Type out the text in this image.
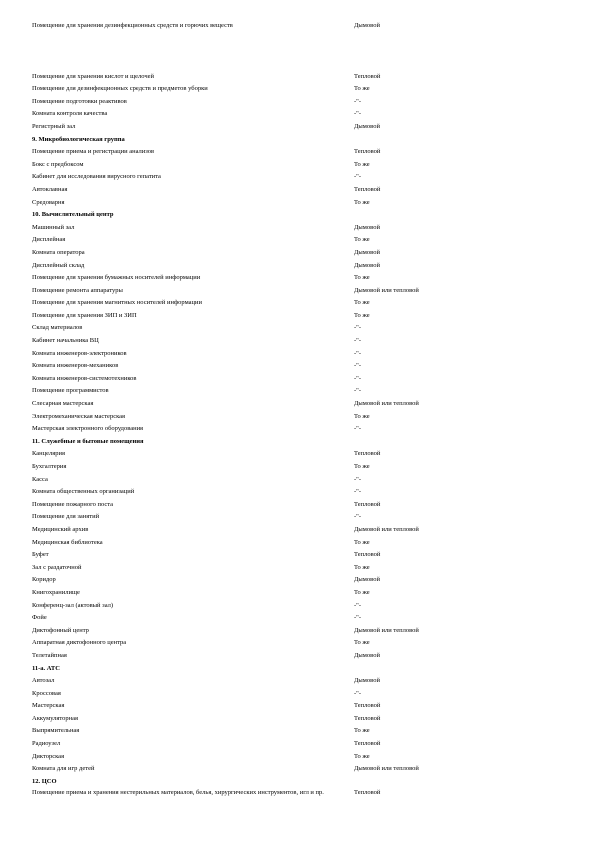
Помещение для хранения дезинфекционных средств и горючих веществ	Дымовой
Помещение для хранения кислот и щелочей	Тепловой
Помещение для дезинфекционных средств и предметов уборки	То же
Помещение подготовки реактивов	-"-
Комната контроля качества	-"-
Регистрный зал	Дымовой
9. Микробиологическая группа
Помещение приема и регистрации анализов	Тепловой
Бокс с предбоксом	То же
Кабинет для исследования вирусного гепатита	-"-
Автоклавная	Тепловой
Средоварня	То же
10. Вычислительный центр
Машинный зал	Дымовой
Дисплейная	То же
Комната оператора	Дымовой
Дисплейный склад	Дымовой
Помещение для хранения бумажных носителей информации	То же
Помещение ремонта аппаратуры	Дымовой или тепловой
Помещение для хранения магнитных носителей информации	То же
Помещение для хранения ЗИП и ЗИП	То же
Склад материалов	-"-
Кабинет начальника ВЦ	-"-
Комната инженеров-электроников	-"-
Комната инженеров-механиков	-"-
Комната инженеров-системотехников	-"-
Помещение программистов	-"-
Слесарная мастерская	Дымовой или тепловой
Электромеханическая мастерская	То же
Мастерская электронного оборудования	-"-
11. Служебные и бытовые помещения
Канцелярия	Тепловой
Бухгалтерия	То же
Касса	-"-
Комната общественных организаций	-"-
Помещение пожарного поста	Тепловой
Помещение для занятий	-"-
Медицинский архив	Дымовой или тепловой
Медицинская библиотека	То же
Буфет	Тепловой
Зал с раздаточной	То же
Коридор	Дымовой
Книгохранилище	То же
Конференц-зал (актовый зал)	-"-
Фойе	-"-
Диктофонный центр	Дымовой или тепловой
Аппаратная диктофонного центра	То же
Телетайпная	Дымовой
11-а. АТС
Автозал	Дымовой
Кроссовая	-"-
Мастерская	Тепловой
Аккумуляторная	Тепловой
Выпрямительная	То же
Радиоузел	Тепловой
Дикторская	То же
Комната для игр детей	Дымовой или тепловой
12. ЦСО
Помещение приема и хранения нестерильных материалов, белья, хирургических инструментов, игл и пр.	Тепловой
